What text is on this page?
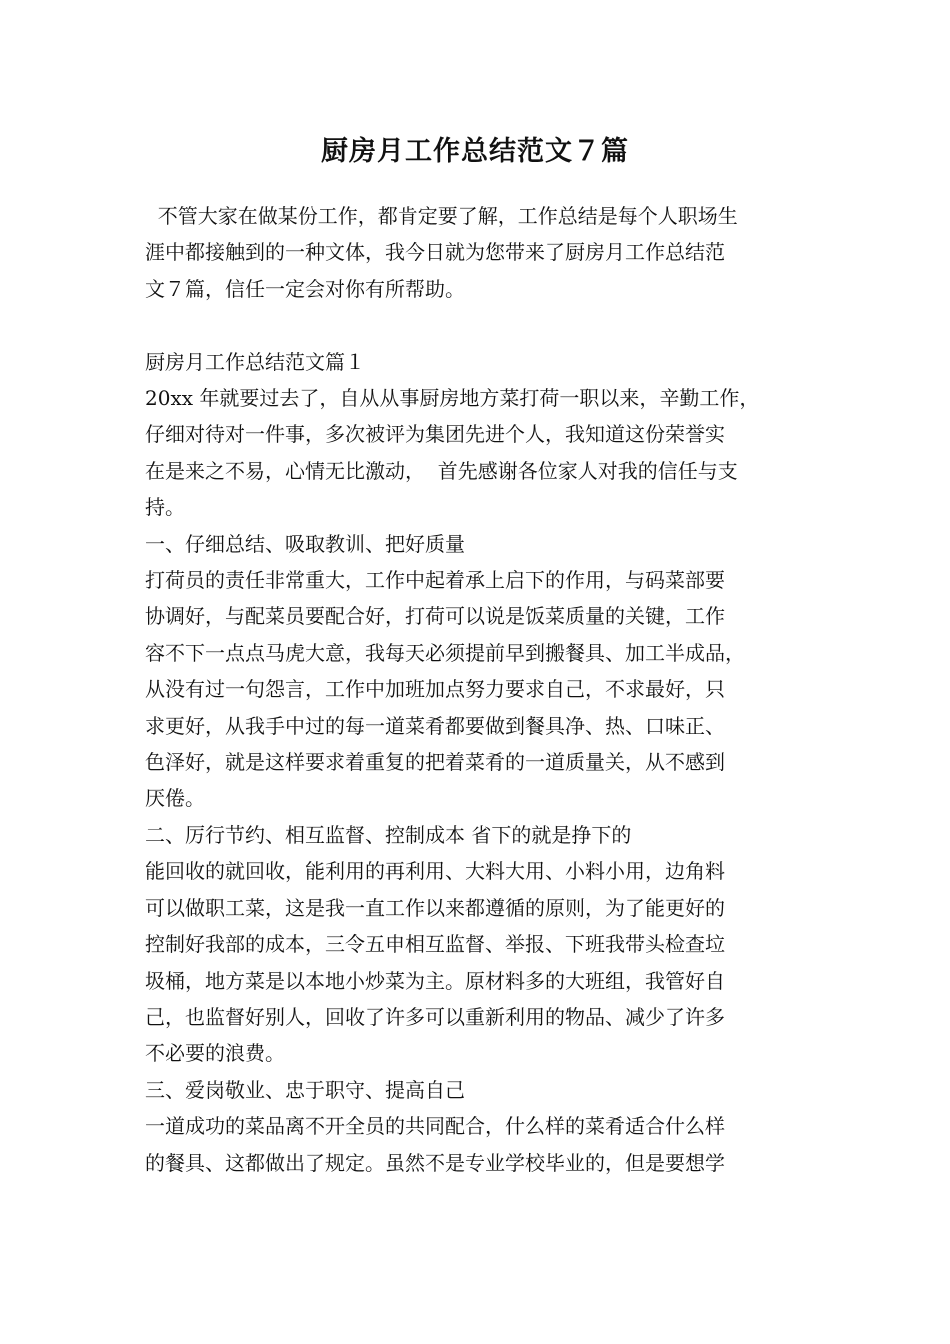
厨房月工作总结范文７篇

不管大家在做某份工作，都肯定要了解，工作总结是每个人职场生

涯中都接触到的一种文体，我今日就为您带来了厨房月工作总结范

文７篇，信任一定会对你有所帮助。

厨房月工作总结范文篇１

20xx 年就要过去了，自从从事厨房地方菜打荷一职以来，辛勤工作，

仔细对待对一件事，多次被评为集团先进个人，我知道这份荣誉实

在是来之不易，心情无比激动，  首先感谢各位家人对我的信任与支

持。

一、仔细总结、吸取教训、把好质量

打荷员的责任非常重大，工作中起着承上启下的作用，与码菜部要

协调好，与配菜员要配合好，打荷可以说是饭菜质量的关键，工作

容不下一点点马虎大意，我每天必须提前早到搬餐具、加工半成品，

从没有过一句怨言，工作中加班加点努力要求自己，不求最好，只

求更好，从我手中过的每一道菜肴都要做到餐具净、热、口味正、

色泽好，就是这样要求着重复的把着菜肴的一道质量关，从不感到

厌倦。

二、厉行节约、相互监督、控制成本 省下的就是挣下的

能回收的就回收，能利用的再利用、大料大用、小料小用，边角料

可以做职工菜，这是我一直工作以来都遵循的原则，为了能更好的

控制好我部的成本，三令五申相互监督、举报、下班我带头检查垃

圾桶，地方菜是以本地小炒菜为主。原材料多的大班组，我管好自

己，也监督好别人，回收了许多可以重新利用的物品、减少了许多

不必要的浪费。

三、爱岗敬业、忠于职守、提高自己

一道成功的菜品离不开全员的共同配合，什么样的菜肴适合什么样

的餐具、这都做出了规定。虽然不是专业学校毕业的，但是要想学
